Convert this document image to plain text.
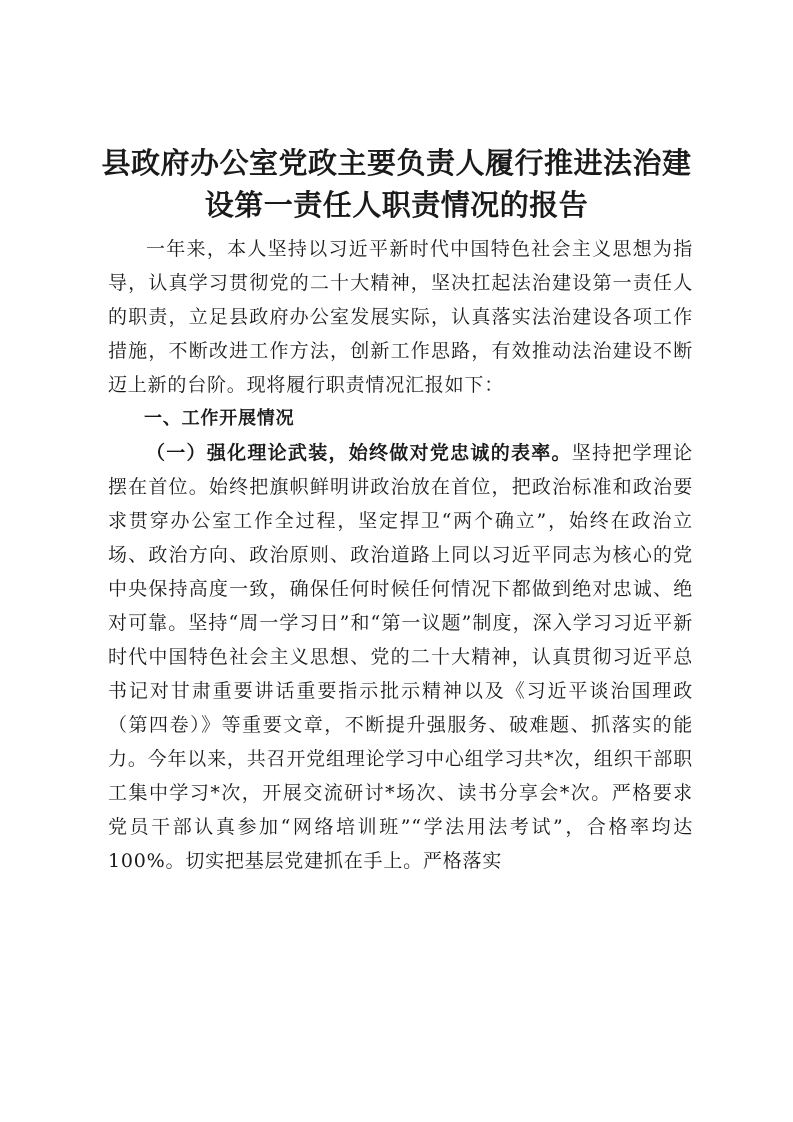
县政府办公室党政主要负责人履行推进法治建
设第一责任人职责情况的报告

一年来，本人坚持以习近平新时代中国特色社会主义思想为指导，认真学习贯彻党的二十大精神，坚决扛起法治建设第一责任人的职责，立足县政府办公室发展实际，认真落实法治建设各项工作措施，不断改进工作方法，创新工作思路，有效推动法治建设不断迈上新的台阶。现将履行职责情况汇报如下：

一、工作开展情况

（一）强化理论武装，始终做对党忠诚的表率。坚持把学理论摆在首位。始终把旗帜鲜明讲政治放在首位，把政治标准和政治要求贯穿办公室工作全过程，坚定捍卫“两个确立”，始终在政治立场、政治方向、政治原则、政治道路上同以习近平同志为核心的党中央保持高度一致，确保任何时候任何情况下都做到绝对忠诚、绝对可靠。坚持“周一学习日”和“第一议题”制度，深入学习习近平新时代中国特色社会主义思想、党的二十大精神，认真贯彻习近平总书记对甘肃重要讲话重要指示批示精神以及《习近平谈治国理政（第四卷）》等重要文章，不断提升强服务、破难题、抓落实的能力。今年以来，共召开党组理论学习中心组学习共*次，组织干部职工集中学习*次，开展交流研讨*场次、读书分享会*次。严格要求党员干部认真参加“网络培训班”“学法用法考试”，合格率均达100%。切实把基层党建抓在手上。严格落实
